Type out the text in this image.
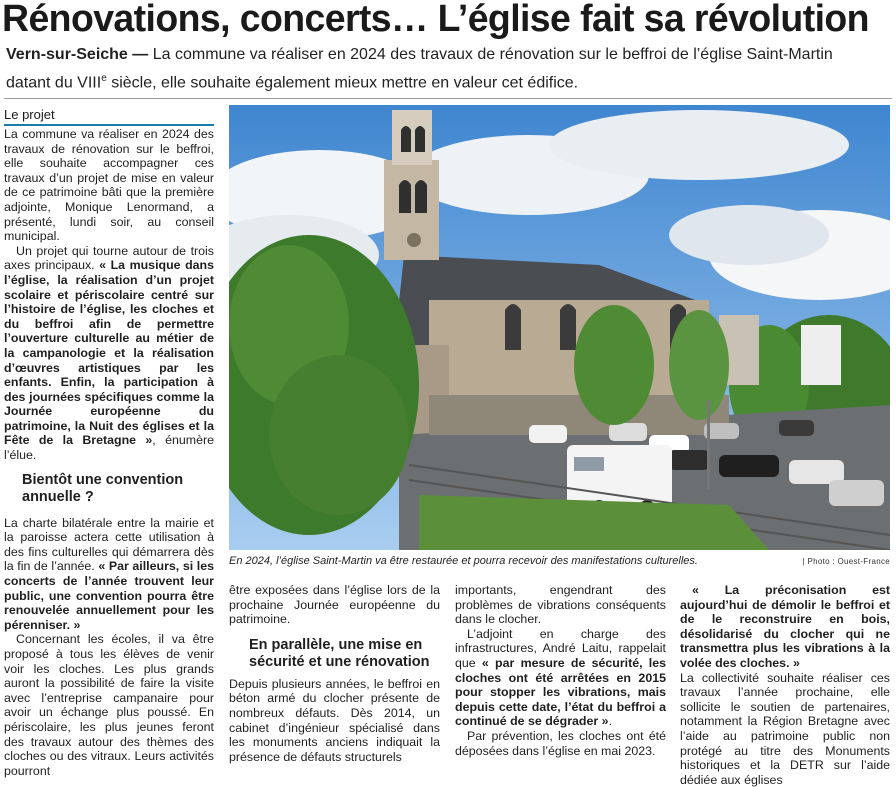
Rénovations, concerts… L’église fait sa révolution
Vern-sur-Seiche — La commune va réaliser en 2024 des travaux de rénovation sur le beffroi de l’église Saint-Martin datant du VIIIe siècle, elle souhaite également mieux mettre en valeur cet édifice.
Le projet

La commune va réaliser en 2024 des travaux de rénovation sur le beffroi, elle souhaite accompagner ces travaux d’un projet de mise en valeur de ce patrimoine bâti que la première adjointe, Monique Lenormand, a présenté, lundi soir, au conseil municipal.

Un projet qui tourne autour de trois axes principaux. « La musique dans l’église, la réalisation d’un projet scolaire et périscolaire centré sur l’histoire de l’église, les cloches et du beffroi afin de permettre l’ouverture culturelle au métier de la campanologie et la réalisation d’œuvres artistiques par les enfants. Enfin, la participation à des journées spécifiques comme la Journée européenne du patrimoine, la Nuit des églises et la Fête de la Bretagne », énumère l’élue.

Bientôt une convention annuelle ?

La charte bilatérale entre la mairie et la paroisse actera cette utilisation à des fins culturelles qui démarrera dès la fin de l’année. « Par ailleurs, si les concerts de l’année trouvent leur public, une convention pourra être renouvelée annuellement pour les pérenniser. »

Concernant les écoles, il va être proposé à tous les élèves de venir voir les cloches. Les plus grands auront la possibilité de faire la visite avec l’entreprise campanaire pour avoir un échange plus poussé. En périscolaire, les plus jeunes feront des travaux autour des thèmes des cloches ou des vitraux. Leurs activités pourront

En 2024, l’église Saint-Martin va être restaurée et pourra recevoir des manifestations culturelles.	| Photo : Ouest-France

être exposées dans l’église lors de la prochaine Journée européenne du patrimoine.

En parallèle, une mise en sécurité et une rénovation

Depuis plusieurs années, le beffroi en béton armé du clocher présente de nombreux défauts. Dès 2014, un cabinet d’ingénieur spécialisé dans les monuments anciens indiquait la présence de défauts structurels

importants, engendrant des problèmes de vibrations conséquents dans le clocher.

L’adjoint en charge des infrastructures, André Laitu, rappelait que « par mesure de sécurité, les cloches ont été arrêtées en 2015 pour stopper les vibrations, mais depuis cette date, l’état du beffroi a continué de se dégrader ».

Par prévention, les cloches ont été déposées dans l’église en mai 2023.

« La préconisation est aujourd’hui de démolir le beffroi et de le reconstruire en bois, désolidarisé du clocher qui ne transmettra plus les vibrations à la volée des cloches. »

La collectivité souhaite réaliser ces travaux l’année prochaine, elle sollicite le soutien de partenaires, notamment la Région Bretagne avec l’aide au patrimoine public non protégé au titre des Monuments historiques et la DETR sur l’aide dédiée aux églises
